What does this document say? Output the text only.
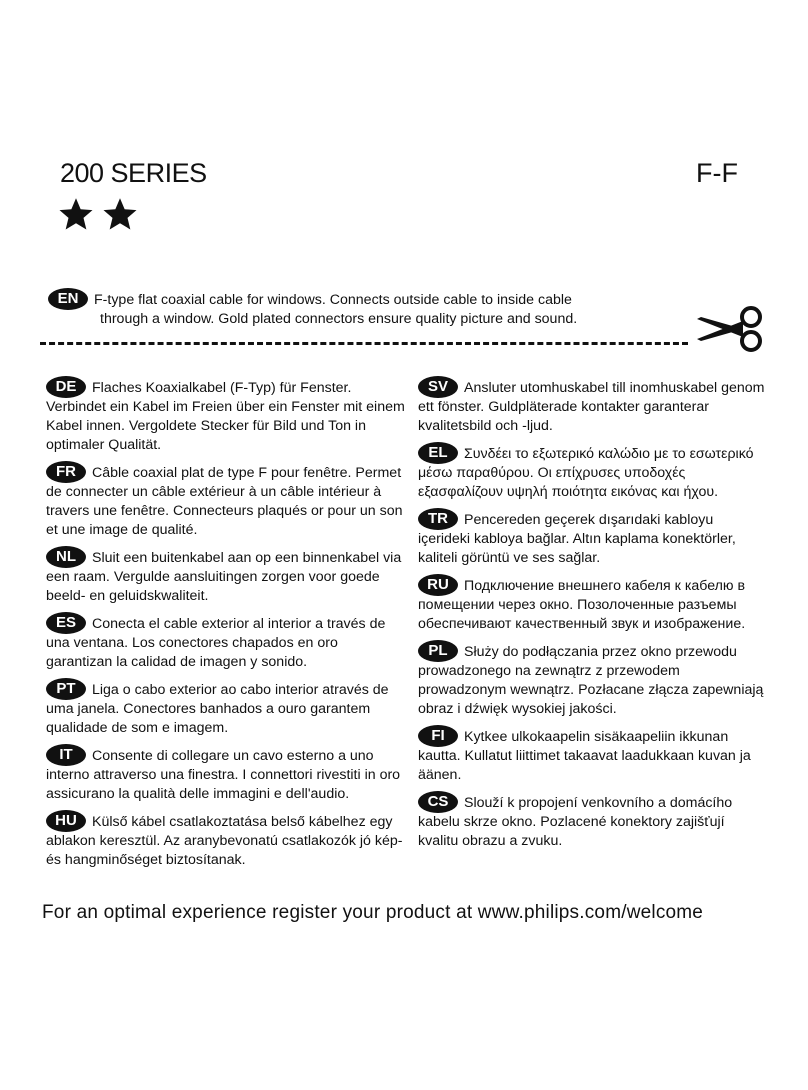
200 SERIES	F-F

EN F-type flat coaxial cable for windows. Connects outside cable to inside cable
through a window. Gold plated connectors ensure quality picture and sound.
DE Flaches Koaxialkabel (F-Typ) für Fenster. Verbindet ein Kabel im Freien über ein Fenster mit einem Kabel innen. Vergoldete Stecker für Bild und Ton in optimaler Qualität.
FR Câble coaxial plat de type F pour fenêtre. Permet de connecter un câble extérieur à un câble intérieur à travers une fenêtre. Connecteurs plaqués or pour un son et une image de qualité.
NL Sluit een buitenkabel aan op een binnenkabel via een raam. Vergulde aansluitingen zorgen voor goede beeld- en geluidskwaliteit.
ES Conecta el cable exterior al interior a través de una ventana. Los conectores chapados en oro garantizan la calidad de imagen y sonido.
PT Liga o cabo exterior ao cabo interior através de uma janela. Conectores banhados a ouro garantem qualidade de som e imagem.
IT Consente di collegare un cavo esterno a uno interno attraverso una finestra. I connettori rivestiti in oro assicurano la qualità delle immagini e dell'audio.
HU Külső kábel csatlakoztatása belső kábelhez egy ablakon keresztül. Az aranybevonatú csatlakozók jó kép- és hangminőséget biztosítanak.
SV Ansluter utomhuskabel till inomhuskabel genom ett fönster. Guldpläterade kontakter garanterar kvalitetsbild och -ljud.
EL Συνδέει το εξωτερικό καλώδιο με το εσωτερικό μέσω παραθύρου. Οι επίχρυσες υποδοχές εξασφαλίζουν υψηλή ποιότητα εικόνας και ήχου.
TR Pencereden geçerek dışarıdaki kabloyu içerideki kabloya bağlar. Altın kaplama konektörler, kaliteli görüntü ve ses sağlar.
RU Подключение внешнего кабеля к кабелю в помещении через окно. Позолоченные разъемы обеспечивают качественный звук и изображение.
PL Służy do podłączania przez okno przewodu prowadzonego na zewnątrz z przewodem prowadzonym wewnątrz. Pozłacane złącza zapewniają obraz i dźwięk wysokiej jakości.
FI Kytkee ulkokaapelin sisäkaapeliin ikkunan kautta. Kullatut liittimet takaavat laadukkaan kuvan ja äänen.
CS Slouží k propojení venkovního a domácího kabelu skrze okno. Pozlacené konektory zajišťují kvalitu obrazu a zvuku.
For an optimal experience register your product at www.philips.com/welcome
